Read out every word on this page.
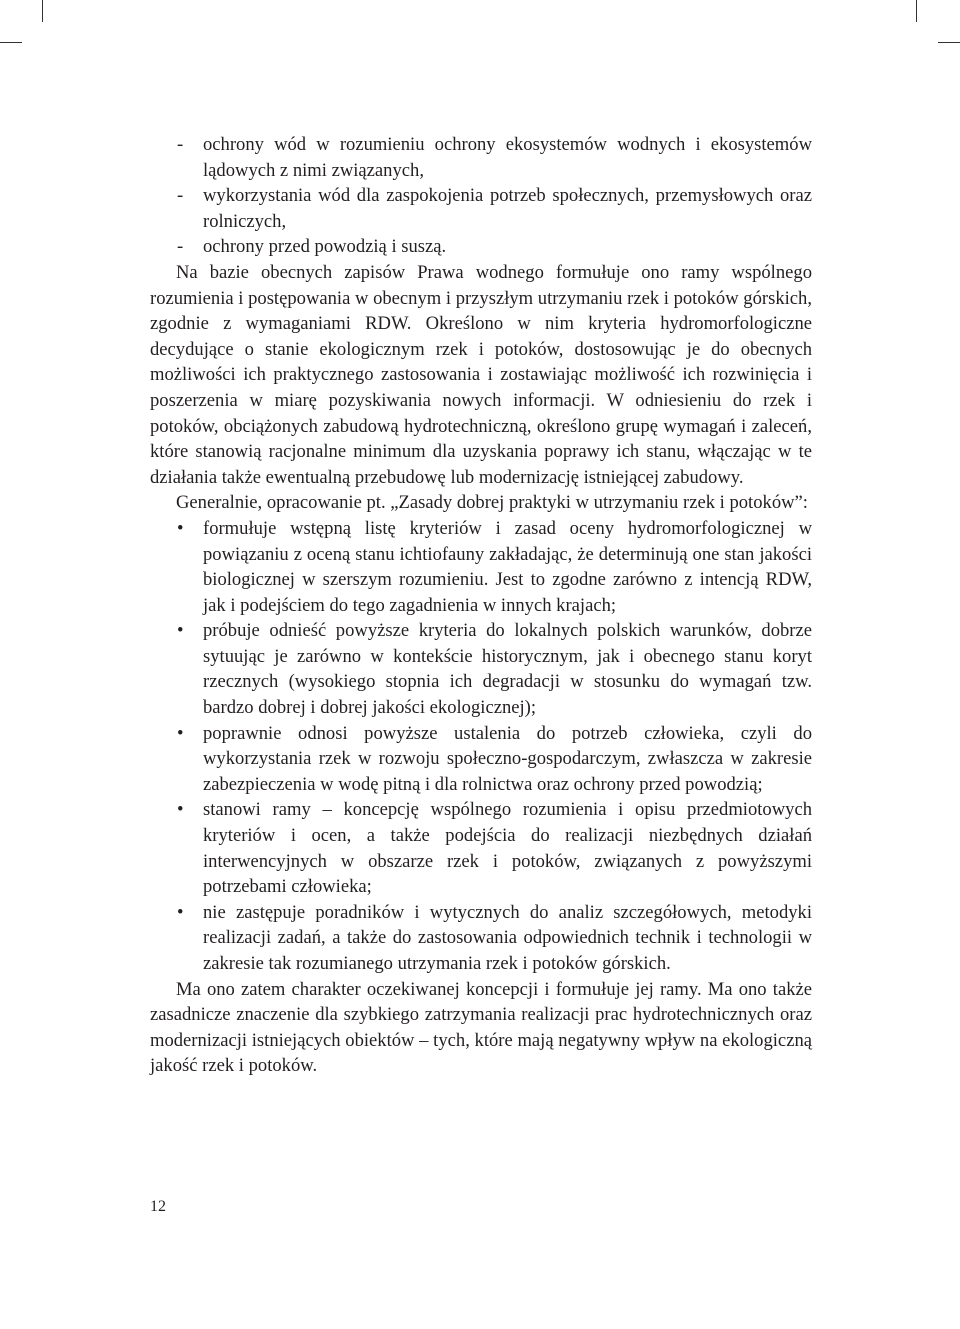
- ochrony wód w rozumieniu ochrony ekosystemów wodnych i ekosystemów lądowych z nimi związanych,
- wykorzystania wód dla zaspokojenia potrzeb społecznych, przemysłowych oraz rolniczych,
- ochrony przed powodzią i suszą.

Na bazie obecnych zapisów Prawa wodnego formułuje ono ramy wspólnego rozumienia i postępowania w obecnym i przyszłym utrzymaniu rzek i potoków górskich, zgodnie z wymaganiami RDW. Określono w nim kryteria hydromorfologiczne decydujące o stanie ekologicznym rzek i potoków, dostosowując je do obecnych możliwości ich praktycznego zastosowania i zostawiając możliwość ich rozwinięcia i poszerzenia w miarę pozyskiwania nowych informacji. W odniesieniu do rzek i potoków, obciążonych zabudową hydrotechniczną, określono grupę wymagań i zaleceń, które stanowią racjonalne minimum dla uzyskania poprawy ich stanu, włączając w te działania także ewentualną przebudowę lub modernizację istniejącej zabudowy.

Generalnie, opracowanie pt. „Zasady dobrej praktyki w utrzymaniu rzek i potoków”:

• formułuje wstępną listę kryteriów i zasad oceny hydromorfologicznej w powiązaniu z oceną stanu ichtiofauny zakładając, że determinują one stan jakości biologicznej w szerszym rozumieniu. Jest to zgodne zarówno z intencją RDW, jak i podejściem do tego zagadnienia w innych krajach;
• próbuje odnieść powyższe kryteria do lokalnych polskich warunków, dobrze sytuując je zarówno w kontekście historycznym, jak i obecnego stanu koryt rzecznych (wysokiego stopnia ich degradacji w stosunku do wymagań tzw. bardzo dobrej i dobrej jakości ekologicznej);
• poprawnie odnosi powyższe ustalenia do potrzeb człowieka, czyli do wykorzystania rzek w rozwoju społeczno-gospodarczym, zwłaszcza w zakresie zabezpieczenia w wodę pitną i dla rolnictwa oraz ochrony przed powodzią;
• stanowi ramy – koncepcję wspólnego rozumienia i opisu przedmiotowych kryteriów i ocen, a także podejścia do realizacji niezbędnych działań interwencyjnych w obszarze rzek i potoków, związanych z powyższymi potrzebami człowieka;
• nie zastępuje poradników i wytycznych do analiz szczegółowych, metodyki realizacji zadań, a także do zastosowania odpowiednich technik i technologii w zakresie tak rozumianego utrzymania rzek i potoków górskich.

Ma ono zatem charakter oczekiwanej koncepcji i formułuje jej ramy. Ma ono także zasadnicze znaczenie dla szybkiego zatrzymania realizacji prac hydrotechnicznych oraz modernizacji istniejących obiektów – tych, które mają negatywny wpływ na ekologiczną jakość rzek i potoków.

12
